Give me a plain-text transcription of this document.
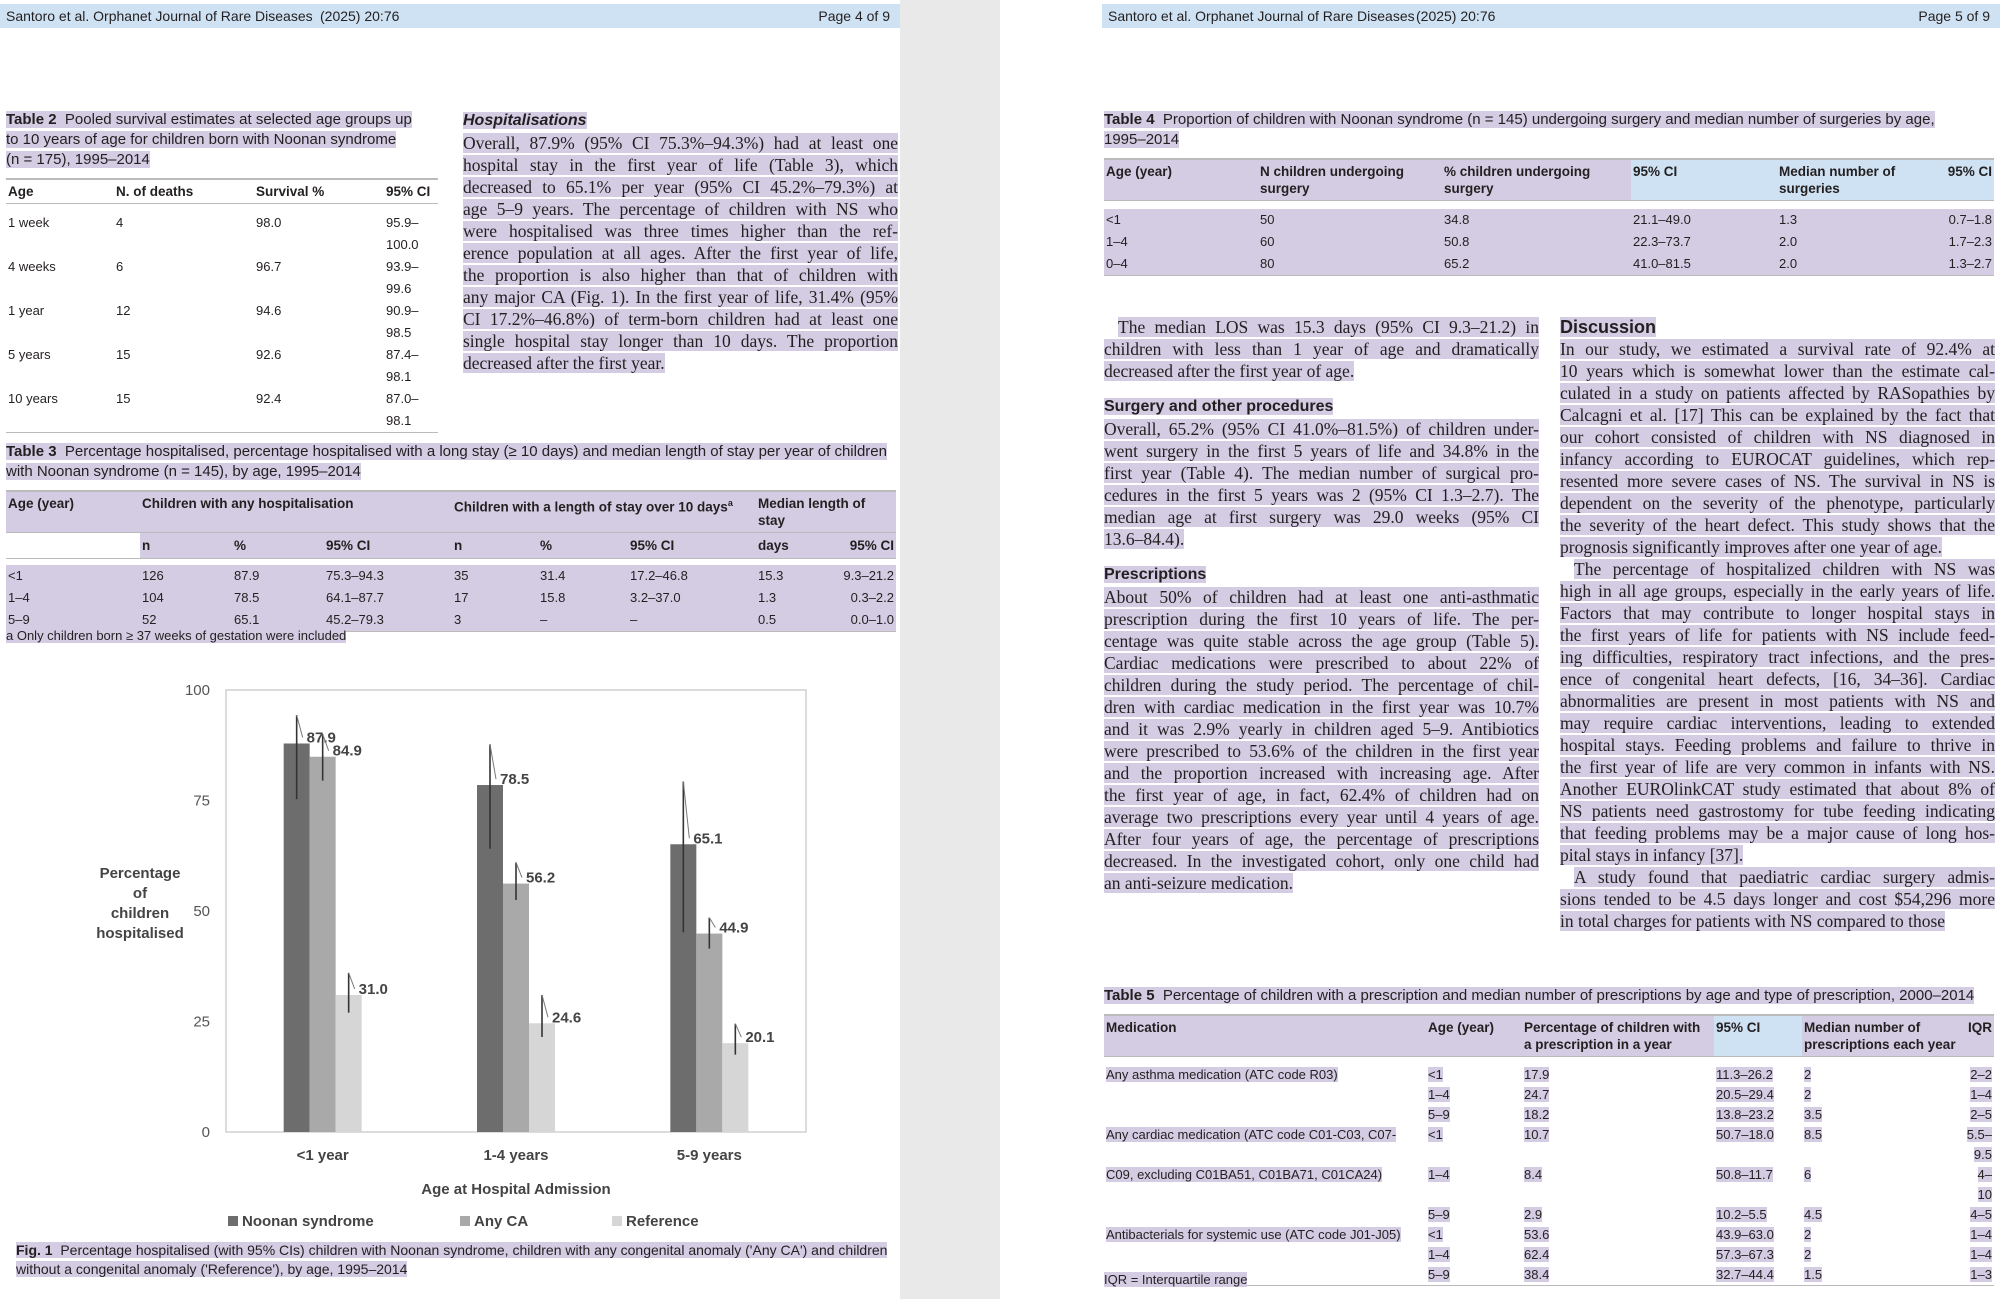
Santoro et al. Orphanet Journal of Rare Diseases (2025) 20:76	Page 4 of 9
Table 2 Pooled survival estimates at selected age groups up
to 10 years of age for children born with Noonan syndrome
(n = 175), 1995–2014
Age	N. of deaths	Survival %	95% CI

1 week	4	98.0	95.9–100.0
4 weeks	6	96.7	93.9–99.6
1 year	12	94.6	90.9–98.5
5 years	15	92.6	87.4–98.1
10 years	15	92.4	87.0–98.1
Hospitalisations
Overall, 87.9% (95% CI 75.3%–94.3%) had at least one
hospital stay in the first year of life (Table 3), which
decreased to 65.1% per year (95% CI 45.2%–79.3%) at
age 5–9 years. The percentage of children with NS who
were hospitalised was three times higher than the ref-
erence population at all ages. After the first year of life,
the proportion is also higher than that of children with
any major CA (Fig. 1). In the first year of life, 31.4% (95%
CI 17.2%–46.8%) of term-born children had at least one
single hospital stay longer than 10 days. The proportion
decreased after the first year.
Table 3 Percentage hospitalised, percentage hospitalised with a long stay (≥ 10 days) and median length of stay per year of children
with Noonan syndrome (n = 145), by age, 1995–2014
Age (year)	Children with any hospitalisation			Children with a length of stay over 10 days$^a$			Median length of stay	
	n	%	95% CI	n	%	95% CI	days	95% CI

<1	126	87.9	75.3–94.3	35	31.4	17.2–46.8	15.3	9.3–21.2
1–4	104	78.5	64.1–87.7	17	15.8	3.2–37.0	1.3	0.3–2.2
5–9	52	65.1	45.2–79.3	3	–	–	0.5	0.0–1.0
a Only children born ≥ 37 weeks of gestation were included
0
25
50
75
100
Percentage
of
children
hospitalised
87.9
84.9
31.0
<1 year
78.5
56.2
24.6
1-4 years
65.1
44.9
20.1
5-9 years
Age at Hospital Admission
Noonan syndrome	Any CA	Reference
Fig. 1 Percentage hospitalised (with 95% CIs) children with Noonan syndrome, children with any congenital anomaly ('Any CA') and children
without a congenital anomaly ('Reference'), by age, 1995–2014
Santoro et al. Orphanet Journal of Rare Diseases (2025) 20:76	Page 5 of 9
Table 4 Proportion of children with Noonan syndrome (n = 145) undergoing surgery and median number of surgeries by age,
1995–2014
Age (year)	N children undergoing
surgery	% children undergoing
surgery	95% CI	Median number of
surgeries	95% CI

<1	50	34.8	21.1–49.0	1.3	0.7–1.8
1–4	60	50.8	22.3–73.7	2.0	1.7–2.3
0–4	80	65.2	41.0–81.5	2.0	1.3–2.7
The median LOS was 15.3 days (95% CI 9.3–21.2) in
children with less than 1 year of age and dramatically
decreased after the first year of age.
Surgery and other procedures
Overall, 65.2% (95% CI 41.0%–81.5%) of children under-
went surgery in the first 5 years of life and 34.8% in the
first year (Table 4). The median number of surgical pro-
cedures in the first 5 years was 2 (95% CI 1.3–2.7). The
median age at first surgery was 29.0 weeks (95% CI
13.6–84.4).
Prescriptions
About 50% of children had at least one anti-asthmatic
prescription during the first 10 years of life. The per-
centage was quite stable across the age group (Table 5).
Cardiac medications were prescribed to about 22% of
children during the study period. The percentage of chil-
dren with cardiac medication in the first year was 10.7%
and it was 2.9% yearly in children aged 5–9. Antibiotics
were prescribed to 53.6% of the children in the first year
and the proportion increased with increasing age. After
the first year of age, in fact, 62.4% of children had on
average two prescriptions every year until 4 years of age.
After four years of age, the percentage of prescriptions
decreased. In the investigated cohort, only one child had
an anti-seizure medication.
Discussion
In our study, we estimated a survival rate of 92.4% at
10 years which is somewhat lower than the estimate cal-
culated in a study on patients affected by RASopathies by
Calcagni et al. [17] This can be explained by the fact that
our cohort consisted of children with NS diagnosed in
infancy according to EUROCAT guidelines, which rep-
resented more severe cases of NS. The survival in NS is
dependent on the severity of the phenotype, particularly
the severity of the heart defect. This study shows that the
prognosis significantly improves after one year of age.
The percentage of hospitalized children with NS was
high in all age groups, especially in the early years of life.
Factors that may contribute to longer hospital stays in
the first years of life for patients with NS include feed-
ing difficulties, respiratory tract infections, and the pres-
ence of congenital heart defects, [16, 34–36]. Cardiac
abnormalities are present in most patients with NS and
may require cardiac interventions, leading to extended
hospital stays. Feeding problems and failure to thrive in
the first year of life are very common in infants with NS.
Another EUROlinkCAT study estimated that about 8% of
NS patients need gastrostomy for tube feeding indicating
that feeding problems may be a major cause of long hos-
pital stays in infancy [37].
A study found that paediatric cardiac surgery admis-
sions tended to be 4.5 days longer and cost $54,296 more
in total charges for patients with NS compared to those
Table 5 Percentage of children with a prescription and median number of prescriptions by age and type of prescription, 2000–2014
Medication	Age (year)	Percentage of children with
a prescription in a year	95% CI	Median number of
prescriptions each year	IQR

Any asthma medication (ATC code R03)	<1	17.9	11.3–26.2	2	2–2
	1–4	24.7	20.5–29.4	2	1–4
	5–9	18.2	13.8–23.2	3.5	2–5
Any cardiac medication (ATC code C01-C03, C07-	<1	10.7	50.7–18.0	8.5	5.5–9.5
C09, excluding C01BA51, C01BA71, C01CA24)	1–4	8.4	50.8–11.7	6	4–10
	5–9	2.9	10.2–5.5	4.5	4–5
Antibacterials for systemic use (ATC code J01-J05)	<1	53.6	43.9–63.0	2	1–4
	1–4	62.4	57.3–67.3	2	1–4
	5–9	38.4	32.7–44.4	1.5	1–3
IQR = Interquartile range
